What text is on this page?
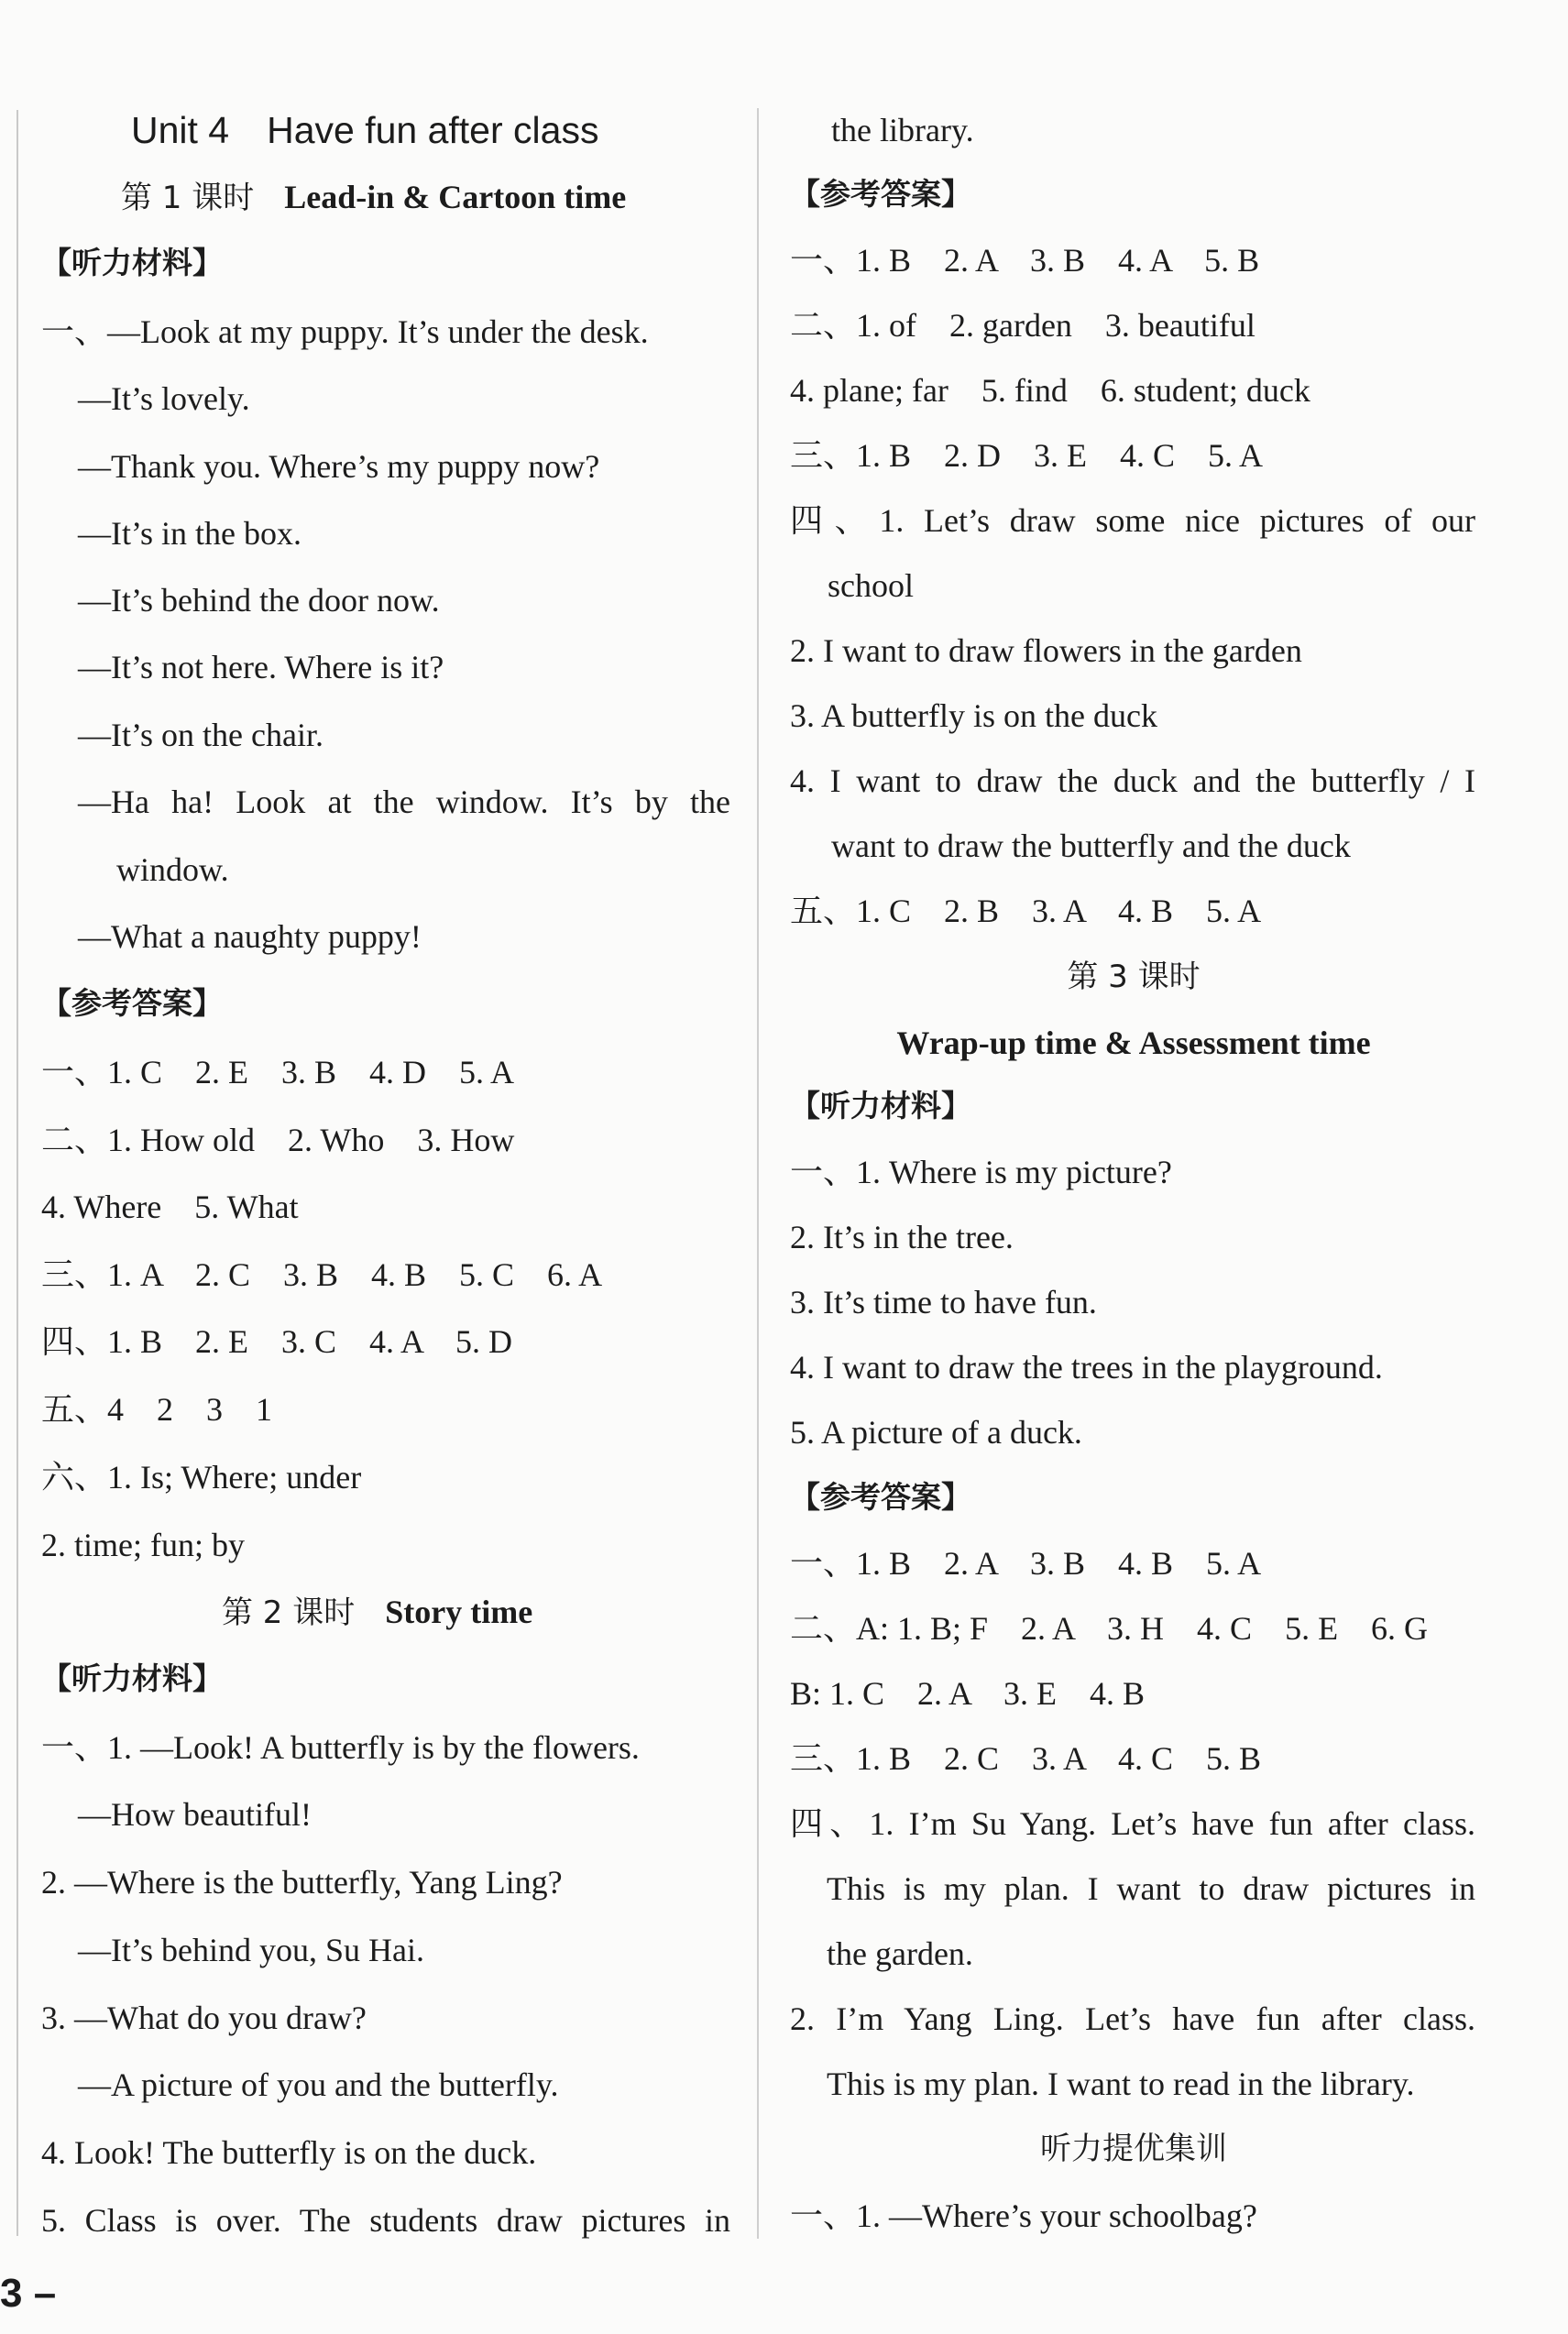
Unit 4　Have fun after class
第 1 课时 Lead-in & Cartoon time
【听力材料】
一、—Look at my puppy. It’s under the desk.
—It’s lovely.
—Thank you. Where’s my puppy now?
—It’s in the box.
—It’s behind the door now.
—It’s not here. Where is it?
—It’s on the chair.
—Ha ha! Look at the window. It’s by the
window.
—What a naughty puppy!
【参考答案】
一、1. C　2. E　3. B　4. D　5. A
二、1. How old　2. Who　3. How
4. Where　5. What
三、1. A　2. C　3. B　4. B　5. C　6. A
四、1. B　2. E　3. C　4. A　5. D
五、4　2　3　1
六、1. Is; Where; under
2. time; fun; by
第 2 课时 Story time
【听力材料】
一、1. —Look! A butterfly is by the flowers.
—How beautiful!
2. —Where is the butterfly, Yang Ling?
—It’s behind you, Su Hai.
3. —What do you draw?
—A picture of you and the butterfly.
4. Look! The butterfly is on the duck.
5. Class is over. The students draw pictures in
the library.
【参考答案】
一、1. B　2. A　3. B　4. A　5. B
二、1. of　2. garden　3. beautiful
4. plane; far　5. find　6. student; duck
三、1. B　2. D　3. E　4. C　5. A
四、1. Let’s draw some nice pictures of our
school
2. I want to draw flowers in the garden
3. A butterfly is on the duck
4. I want to draw the duck and the butterfly / I
want to draw the butterfly and the duck
五、1. C　2. B　3. A　4. B　5. A
第 3 课时
Wrap-up time & Assessment time
【听力材料】
一、1. Where is my picture?
2. It’s in the tree.
3. It’s time to have fun.
4. I want to draw the trees in the playground.
5. A picture of a duck.
【参考答案】
一、1. B　2. A　3. B　4. B　5. A
二、A: 1. B; F　2. A　3. H　4. C　5. E　6. G
B: 1. C　2. A　3. E　4. B
三、1. B　2. C　3. A　4. C　5. B
四、1. I’m Su Yang. Let’s have fun after class.
This is my plan. I want to draw pictures in
the garden.
2. I’m Yang Ling. Let’s have fun after class.
This is my plan. I want to read in the library.
听力提优集训
一、1. —Where’s your schoolbag?
3 –
